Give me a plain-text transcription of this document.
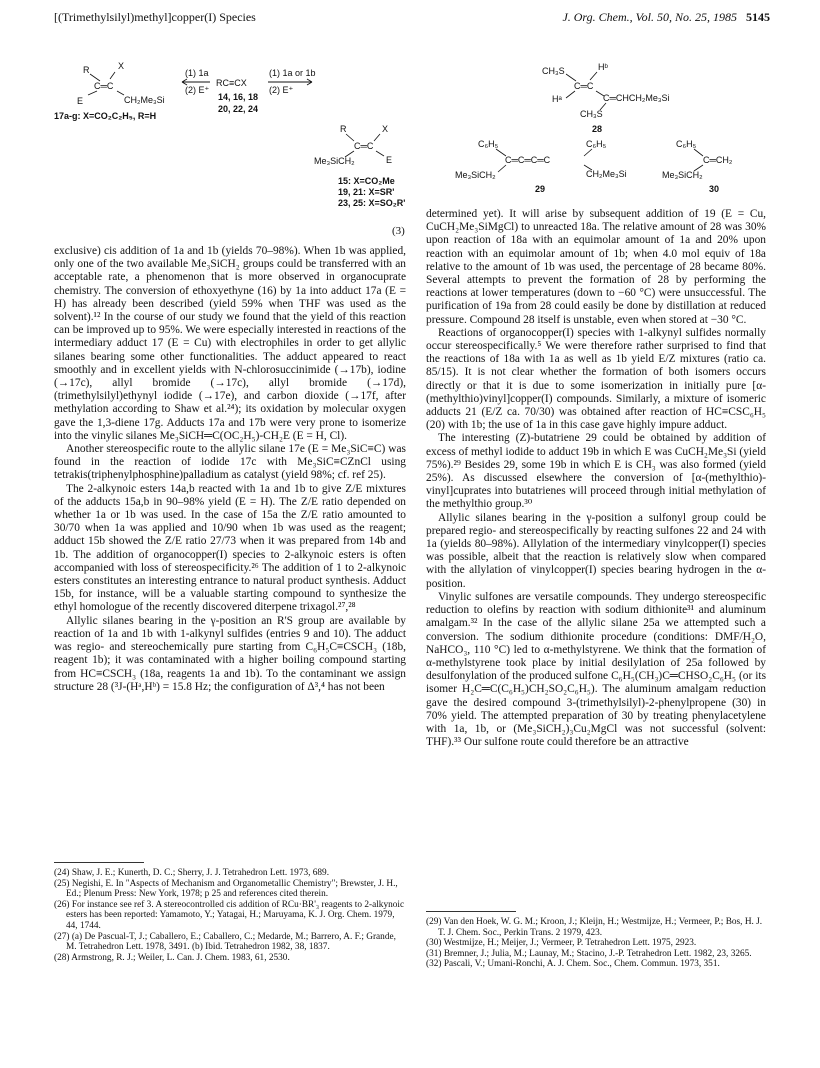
[(Trimethylsilyl)methyl]copper(I) Species	J. Org. Chem., Vol. 50, No. 25, 1985 5145
R	X
C═C
E	CH₂Me₃Si
17a-g: X=CO₂C₂H₅, R=H
(1) 1a
(2) E⁺
RC≡CX
14, 16, 18
20, 22, 24
(1) 1a or 1b
(2) E⁺
R	X
C═C
Me₃SiCH₂	E
15: X=CO₂Me
19, 21: X=SR'
23, 25: X=SO₂R'
CH₃S	Hᵇ
C═C
Hᵃ	C═CHCH₂Me₃Si
CH₃S
28
C₆H₅	C₆H₅
C═C═C═C
Me₃SiCH₂	CH₂Me₃Si
29
C₆H₅
C═CH₂
Me₃SiCH₂
30
(3)

exclusive) cis addition of 1a and 1b (yields 70–98%). When 1b was applied, only one of the two available Me₃SiCH₂ groups could be transferred with an acceptable rate, a phenomenon that is more observed in organocuprate chemistry. The conversion of ethoxyethyne (16) by 1a into adduct 17a (E = H) has already been described (yield 59% when THF was used as the solvent).¹² In the course of our study we found that the yield of this reaction can be improved up to 95%. We were especially interested in reactions of the intermediary adduct 17 (E = Cu) with electrophiles in order to get allylic silanes bearing some other functionalities. The adduct appeared to react smoothly and in excellent yields with N-chlorosuccinimide (→17b), iodine (→17c), allyl bromide (→17c), allyl bromide (→17d), (trimethylsilyl)ethynyl iodide (→17e), and carbon dioxide (→17f, after methylation according to Shaw et al.²⁴); its oxidation by molecular oxygen gave the 1,3-diene 17g. Adducts 17a and 17b were very prone to isomerize into the vinylic silanes Me₃SiCH═C(OC₂H₅)-CH₂E (E = H, Cl).

Another stereospecific route to the allylic silane 17e (E = Me₃SiC≡C) was found in the reaction of iodide 17c with Me₃SiC≡CZnCl using tetrakis(triphenylphosphine)palladium as catalyst (yield 98%; cf. ref 25).

The 2-alkynoic esters 14a,b reacted with 1a and 1b to give Z/E mixtures of the adducts 15a,b in 90–98% yield (E = H). The Z/E ratio depended on whether 1a or 1b was used. In the case of 15a the Z/E ratio amounted to 30/70 when 1a was applied and 10/90 when 1b was used as the reagent; adduct 15b showed the Z/E ratio 27/73 when it was prepared from 14b and 1b. The addition of organocopper(I) species to 2-alkynoic esters is often accompanied with loss of stereospecificity.²⁶ The addition of 1 to 2-alkynoic esters constitutes an interesting entrance to natural product synthesis. Adduct 15b, for instance, will be a valuable starting compound to synthesize the ethyl homologue of the recently discovered diterpene trixagol.²⁷,²⁸

Allylic silanes bearing in the γ-position an R'S group are available by reaction of 1a and 1b with 1-alkynyl sulfides (entries 9 and 10). The adduct was regio- and stereochemically pure starting from C₆H₅C≡CSCH₃ (18b, reagent 1b); it was contaminated with a higher boiling compound starting from HC≡CSCH₃ (18a, reagents 1a and 1b). To the contaminant we assign structure 28 (³J-(Hᵃ,Hᵇ) = 15.8 Hz; the configuration of Δ³,⁴ has not been

determined yet). It will arise by subsequent addition of 19 (E = Cu, CuCH₂Me₃SiMgCl) to unreacted 18a. The relative amount of 28 was 30% upon reaction of 18a with an equimolar amount of 1a and 20% upon reaction with an equimolar amount of 1b; when 4.0 mol equiv of 18a relative to the amount of 1b was used, the percentage of 28 became 80%. Several attempts to prevent the formation of 28 by performing the reactions at lower temperatures (down to −60 °C) were unsuccessful. The purification of 19a from 28 could easily be done by distillation at reduced pressure. Compound 28 itself is unstable, even when stored at −30 °C.

Reactions of organocopper(I) species with 1-alkynyl sulfides normally occur stereospecifically.⁵ We were therefore rather surprised to find that the reactions of 18a with 1a as well as 1b yield E/Z mixtures (ratio ca. 85/15). It is not clear whether the formation of both isomers occurs directly or that it is due to some isomerization in initially pure [α-(methylthio)vinyl]copper(I) compounds. Similarly, a mixture of isomeric adducts 21 (E/Z ca. 70/30) was obtained after reaction of HC≡CSC₆H₅ (20) with 1b; the use of 1a in this case gave highly impure adduct.

The interesting (Z)-butatriene 29 could be obtained by addition of excess of methyl iodide to adduct 19b in which E was CuCH₂Me₃Si (yield 75%).²⁹ Besides 29, some 19b in which E is CH₃ was also formed (yield 25%). As discussed elsewhere the conversion of [α-(methylthio)-vinyl]cuprates into butatrienes will proceed through initial methylation of the methylthio group.³⁰

Allylic silanes bearing in the γ-position a sulfonyl group could be prepared regio- and stereospecifically by reacting sulfones 22 and 24 with 1a (yields 80–98%). Allylation of the intermediary vinylcopper(I) species was possible, albeit that the reaction is relatively slow when compared with the allylation of vinylcopper(I) species bearing hydrogen in the α-position.

Vinylic sulfones are versatile compounds. They undergo stereospecific reduction to olefins by reaction with sodium dithionite³¹ and aluminum amalgam.³² In the case of the allylic silane 25a we attempted such a conversion. The sodium dithionite procedure (conditions: DMF/H₂O, NaHCO₃, 110 °C) led to α-methylstyrene. We think that the formation of α-methylstyrene took place by initial desilylation of 25a followed by desulfonylation of the produced sulfone C₆H₅(CH₃)C═CHSO₂C₆H₅ (or its isomer H₂C═C(C₆H₅)CH₂SO₂C₆H₅). The aluminum amalgam reduction gave the desired compound 3-(trimethylsilyl)-2-phenylpropene (30) in 70% yield. The attempted preparation of 30 by treating phenylacetylene with 1a, 1b, or (Me₃SiCH₂)₃Cu₂MgCl was not successful (solvent: THF).³³ Our sulfone route could therefore be an attractive

(24) Shaw, J. E.; Kunerth, D. C.; Sherry, J. J. Tetrahedron Lett. 1973, 689.

(25) Negishi, E. In "Aspects of Mechanism and Organometallic Chemistry"; Brewster, J. H., Ed.; Plenum Press: New York, 1978; p 25 and references cited therein.

(26) For instance see ref 3. A stereocontrolled cis addition of RCu·BR'₃ reagents to 2-alkynoic esters has been reported: Yamamoto, Y.; Yatagai, H.; Maruyama, K. J. Org. Chem. 1979, 44, 1744.

(27) (a) De Pascual-T, J.; Caballero, E.; Caballero, C.; Medarde, M.; Barrero, A. F.; Grande, M. Tetrahedron Lett. 1978, 3491. (b) Ibid. Tetrahedron 1982, 38, 1837.

(28) Armstrong, R. J.; Weiler, L. Can. J. Chem. 1983, 61, 2530.

(29) Van den Hoek, W. G. M.; Kroon, J.; Kleijn, H.; Westmijze, H.; Vermeer, P.; Bos, H. J. T. J. Chem. Soc., Perkin Trans. 2 1979, 423.

(30) Westmijze, H.; Meijer, J.; Vermeer, P. Tetrahedron Lett. 1975, 2923.

(31) Bremner, J.; Julia, M.; Launay, M.; Stacino, J.-P. Tetrahedron Lett. 1982, 23, 3265.

(32) Pascali, V.; Umani-Ronchi, A. J. Chem. Soc., Chem. Commun. 1973, 351.
